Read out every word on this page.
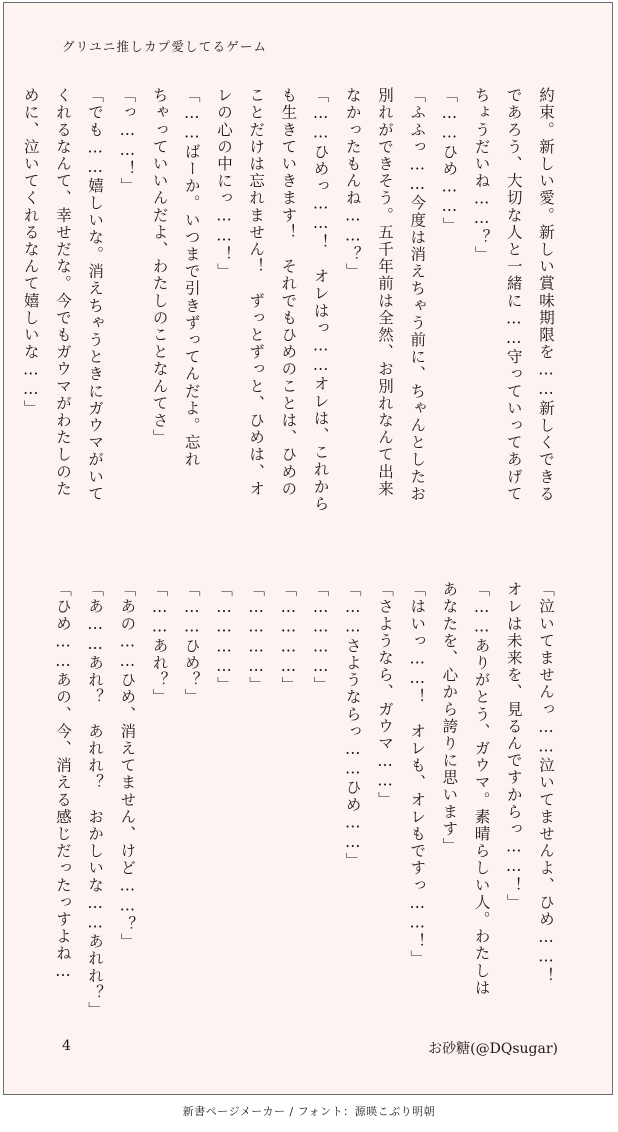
グリユニ推しカプ愛してるゲーム
約束。新しい愛。新しい賞味期限を……新しくできる
であろう、大切な人と一緒に……守っていってあげて
ちょうだいね……？」
「……ひめ……」
「ふふっ……今度は消えちゃう前に、ちゃんとしたお
別れができそう。五千年前は全然、お別れなんて出来
なかったもんね……？」
「……ひめっ……！　オレはっ……オレは、これから
も生きていきます！　それでもひめのことは、ひめの
ことだけは忘れません！　ずっとずっと、ひめは、オ
レの心の中にっ……！」
「……ばーか。いつまで引きずってんだよ。忘れ
ちゃっていいんだよ、わたしのことなんてさ」
「っ……！」
「でも……嬉しいな。消えちゃうときにガウマがいて
くれるなんて、幸せだな。今でもガウマがわたしのた
めに、泣いてくれるなんて嬉しいな……」
「泣いてませんっ……泣いてませんよ、ひめ……！
オレは未来を、見るんですからっ……！」
「……ありがとう、ガウマ。素晴らしい人。わたしは
あなたを、心から誇りに思います」
「はいっ……！　オレも、オレもですっ……！」
「さようなら、ガウマ……」
「……さようならっ……ひめ……」
「…………」
「…………」
「…………」
「…………」
「……ひめ？」
「……あれ？」
「あの……ひめ、消えてません、けど……？」
「あ……あれ？　あれれ？　おかしいな……あれれ？」
「ひめ……あの、今、消える感じだったっすよね…
4	お砂糖(@DQsugar)
新書ページメーカー / フォント：源暎こぶり明朝
